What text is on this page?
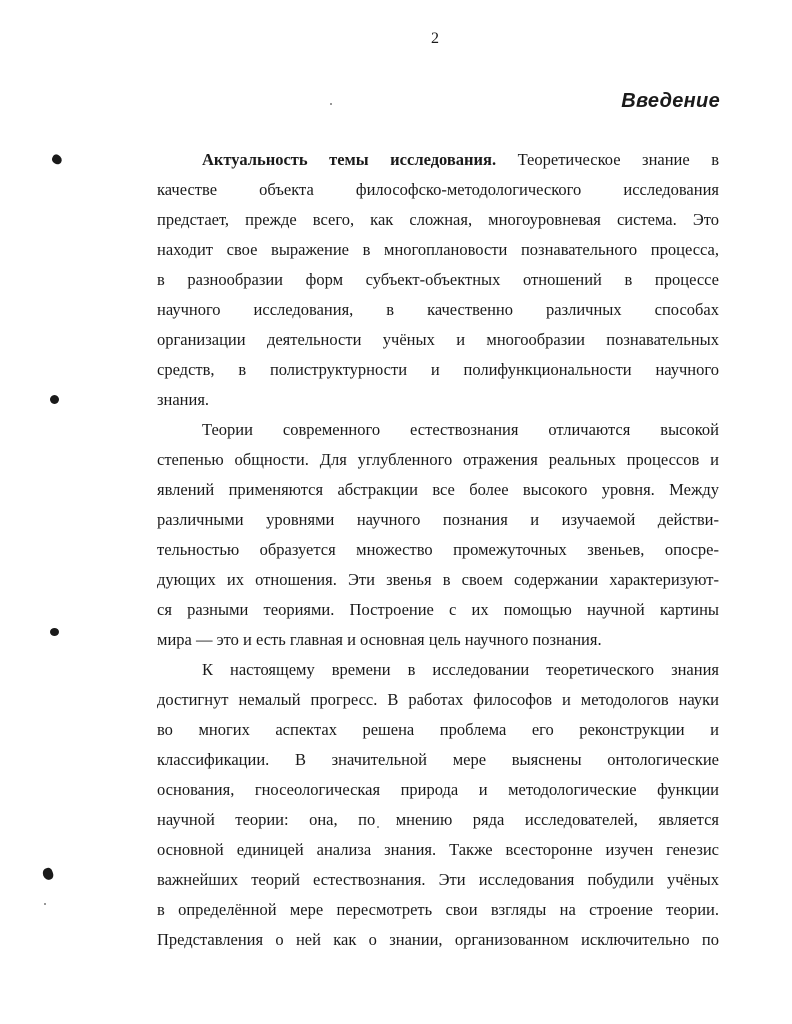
2
Введение
Актуальность темы исследования. Теоретическое знание в
качестве объекта философско-методологического исследования
предстает, прежде всего, как сложная, многоуровневая система. Это
находит свое выражение в многоплановости познавательного процесса,
в разнообразии форм субъект-объектных отношений в процессе
научного исследования, в качественно различных способах
организации деятельности учёных и многообразии познавательных
средств, в полиструктурности и полифункциональности научного
знания.
Теории современного естествознания отличаются высокой
степенью общности. Для углубленного отражения реальных процессов и
явлений применяются абстракции все более высокого уровня. Между
различными уровнями научного познания и изучаемой действи-
тельностью образуется множество промежуточных звеньев, опосре-
дующих их отношения. Эти звенья в своем содержании характеризуют-
ся разными теориями. Построение с их помощью научной картины
мира — это и есть главная и основная цель научного познания.
К настоящему времени в исследовании теоретического знания
достигнут немалый прогресс. В работах философов и методологов науки
во многих аспектах решена проблема его реконструкции и
классификации. В значительной мере выяснены онтологические
основания, гносеологическая природа и методологические функции
научной теории: она, по мнению ряда исследователей, является
основной единицей анализа знания. Также всесторонне изучен генезис
важнейших теорий естествознания. Эти исследования побудили учёных
в определённой мере пересмотреть свои взгляды на строение теории.
Представления о ней как о знании, организованном исключительно по
